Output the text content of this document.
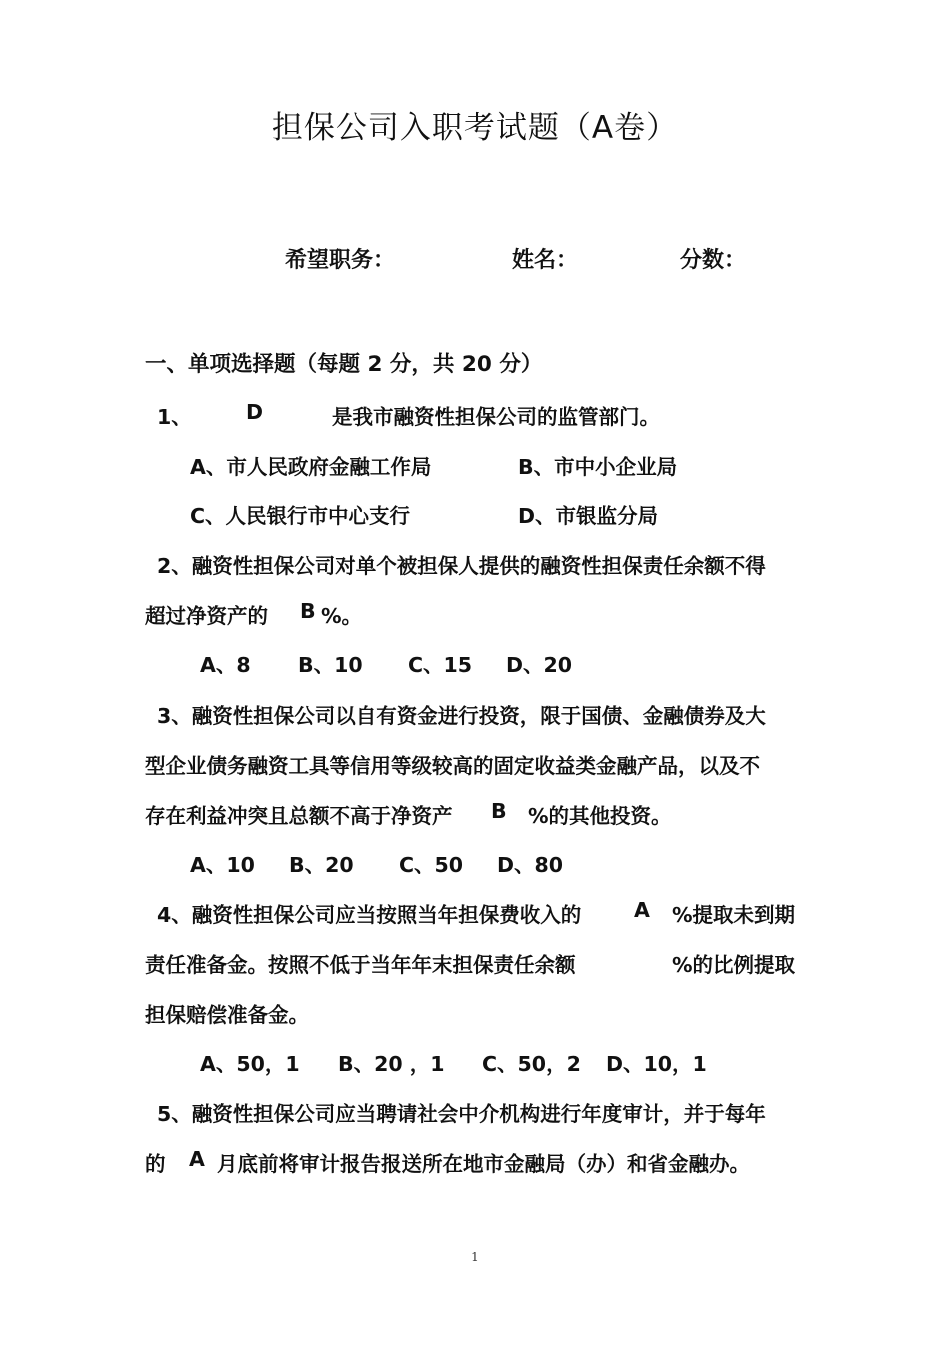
担保公司入职考试题（A卷）
希望职务：	姓名：	分数：
一、单项选择题（每题 2 分，共 20 分）
1、	D	是我市融资性担保公司的监管部门。
A、市人民政府金融工作局	B、市中小企业局
C、人民银行市中心支行	D、市银监分局
2、融资性担保公司对单个被担保人提供的融资性担保责任余额不得
超过净资产的 B %。
A、8 B、10 C、15 D、20
3、融资性担保公司以自有资金进行投资，限于国债、金融债券及大
型企业债务融资工具等信用等级较高的固定收益类金融产品，以及不
存在利益冲突且总额不高于净资产 B %的其他投资。
A、10 B、20 C、50 D、80
4、融资性担保公司应当按照当年担保费收入的	A %提取未到期
责任准备金。按照不低于当年年末担保责任余额	%的比例提取
担保赔偿准备金。
A、50，1 B、20 ，1 C、50，2 D、10，1
5、融资性担保公司应当聘请社会中介机构进行年度审计，并于每年
的 A 月底前将审计报告报送所在地市金融局（办）和省金融办。
1
